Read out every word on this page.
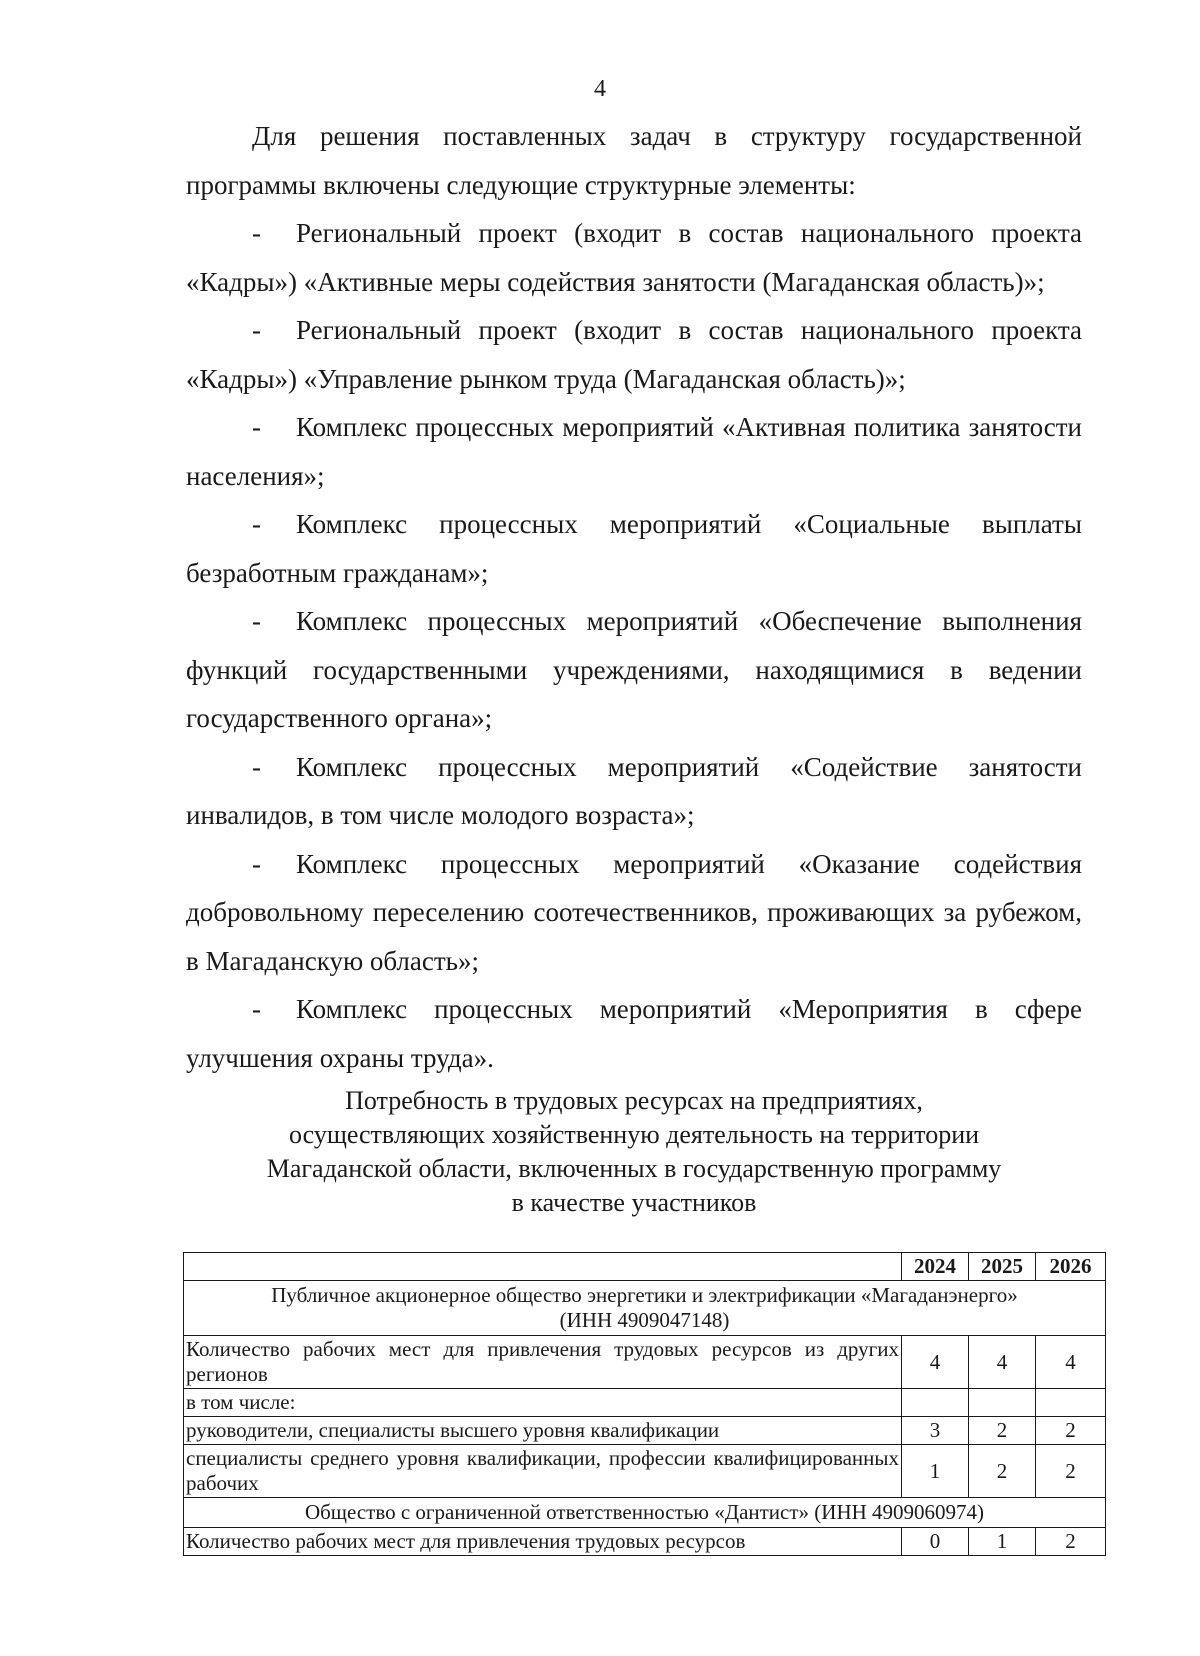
4

Для решения поставленных задач в структуру государственной программы включены следующие структурные элементы:

- Региональный проект (входит в состав национального проекта «Кадры») «Активные меры содействия занятости (Магаданская область)»;

- Региональный проект (входит в состав национального проекта «Кадры») «Управление рынком труда (Магаданская область)»;

- Комплекс процессных мероприятий «Активная политика занятости населения»;

- Комплекс процессных мероприятий «Социальные выплаты безработным гражданам»;

- Комплекс процессных мероприятий «Обеспечение выполнения функций государственными учреждениями, находящимися в ведении государственного органа»;

- Комплекс процессных мероприятий «Содействие занятости инвалидов, в том числе молодого возраста»;

- Комплекс процессных мероприятий «Оказание содействия добровольному переселению соотечественников, проживающих за рубежом, в Магаданскую область»;

- Комплекс процессных мероприятий «Мероприятия в сфере улучшения охраны труда».

Потребность в трудовых ресурсах на предприятиях,
осуществляющих хозяйственную деятельность на территории
Магаданской области, включенных в государственную программу
в качестве участников
	2024	2025	2026

Публичное акционерное общество энергетики и электрификации «Магаданэнерго»
(ИНН 4909047148)			

Количество рабочих мест для привлечения трудовых ресурсов из других регионов	4	4	4
в том числе:			
руководители, специалисты высшего уровня квалификации	3	2	2
специалисты среднего уровня квалификации, профессии квалифицированных рабочих	1	2	2
Общество с ограниченной ответственностью «Дантист» (ИНН 4909060974)			
Количество рабочих мест для привлечения трудовых ресурсов	0	1	2
